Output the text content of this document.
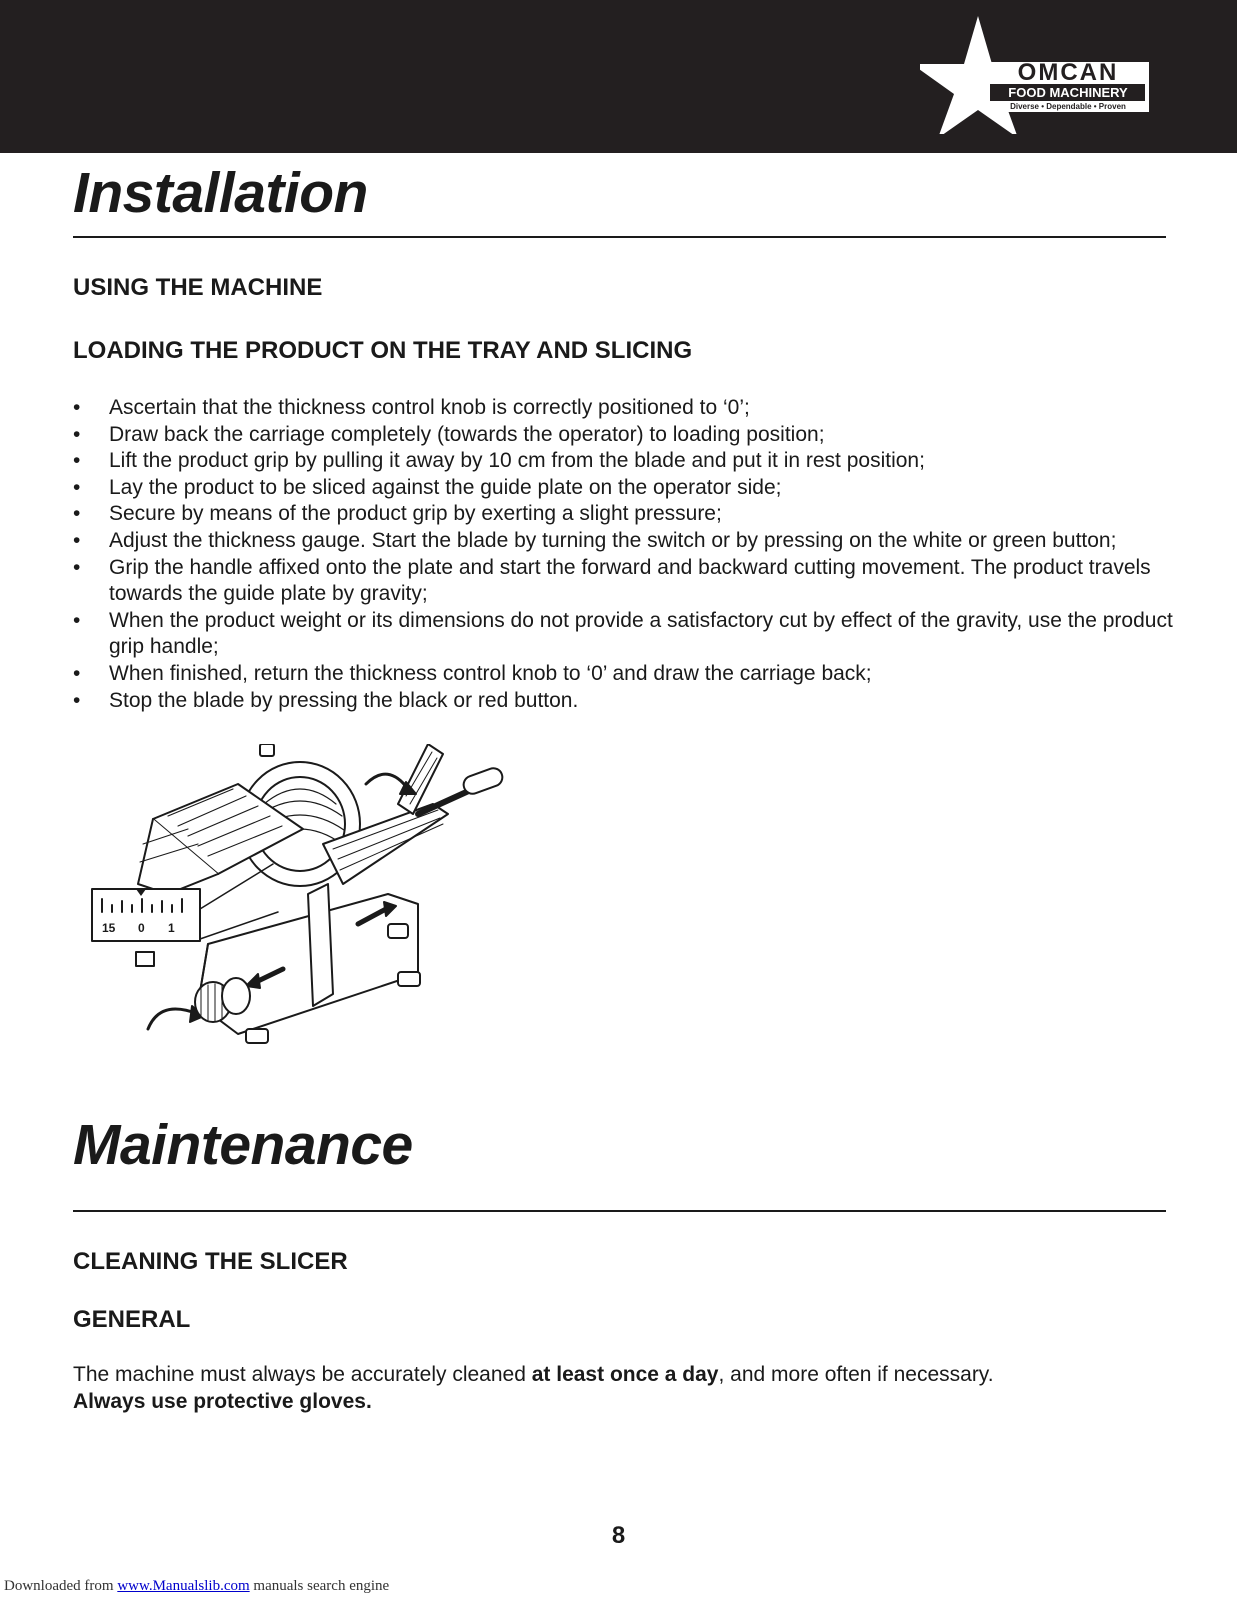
OMCAN
FOOD MACHINERY
Diverse • Dependable • Proven
Installation
USING THE MACHINE
LOADING THE PRODUCT ON THE TRAY AND SLICING
• Ascertain that the thickness control knob is correctly positioned to ‘0’;
• Draw back the carriage completely (towards the operator) to loading position;
• Lift the product grip by pulling it away by 10 cm from the blade and put it in rest position;
• Lay the product to be sliced against the guide plate on the operator side;
• Secure by means of the product grip by exerting a slight pressure;
• Adjust the thickness gauge. Start the blade by turning the switch or by pressing on the white or green button;
• Grip the handle affixed onto the plate and start the forward and backward cutting movement. The product travels towards the guide plate by gravity;
• When the product weight or its dimensions do not provide a satisfactory cut by effect of the gravity, use the product grip handle;
• When finished, return the thickness control knob to ‘0’ and draw the carriage back;
• Stop the blade by pressing the black or red button.
15 0 1
Maintenance
CLEANING THE SLICER
GENERAL

The machine must always be accurately cleaned at least once a day, and more often if necessary.
Always use protective gloves.

8
Downloaded from www.Manualslib.com manuals search engine
